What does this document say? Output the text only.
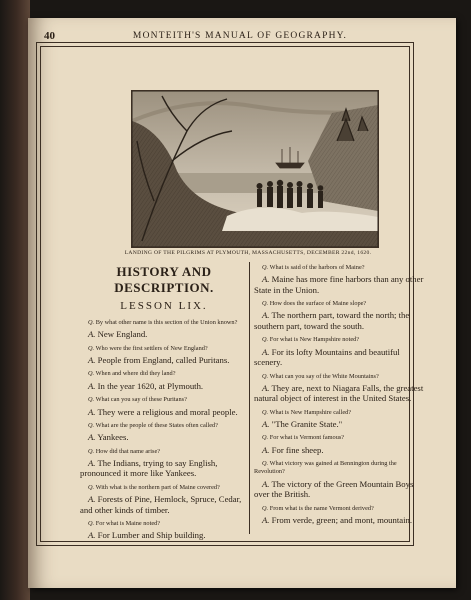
40	MONTEITH'S MANUAL OF GEOGRAPHY.
LANDING OF THE PILGRIMS AT PLYMOUTH, MASSACHUSETTS, DECEMBER 22nd, 1620.
HISTORY AND DESCRIPTION.
LESSON LIX.
Q. By what other name is this section of the Union known?
A. New England.
Q. Who were the first settlers of New England?
A. People from England, called Puritans.
Q. When and where did they land?
A. In the year 1620, at Plymouth.
Q. What can you say of these Puritans?
A. They were a religious and moral people.
Q. What are the people of these States often called?
A. Yankees.
Q. How did that name arise?
A. The Indians, trying to say English, pronounced it more like Yankees.
Q. With what is the northern part of Maine covered?
A. Forests of Pine, Hemlock, Spruce, Cedar, and other kinds of timber.
Q. For what is Maine noted?
A. For Lumber and Ship building.
Q. What is said of the harbors of Maine?
A. Maine has more fine harbors than any other State in the Union.
Q. How does the surface of Maine slope?
A. The northern part, toward the north; the southern part, toward the south.
Q. For what is New Hampshire noted?
A. For its lofty Mountains and beautiful scenery.
Q. What can you say of the White Mountains?
A. They are, next to Niagara Falls, the greatest natural object of interest in the United States.
Q. What is New Hampshire called?
A. "The Granite State."
Q. For what is Vermont famous?
A. For fine sheep.
Q. What victory was gained at Bennington during the Revolution?
A. The victory of the Green Mountain Boys over the British.
Q. From what is the name Vermont derived?
A. From verde, green; and mont, mountain.
